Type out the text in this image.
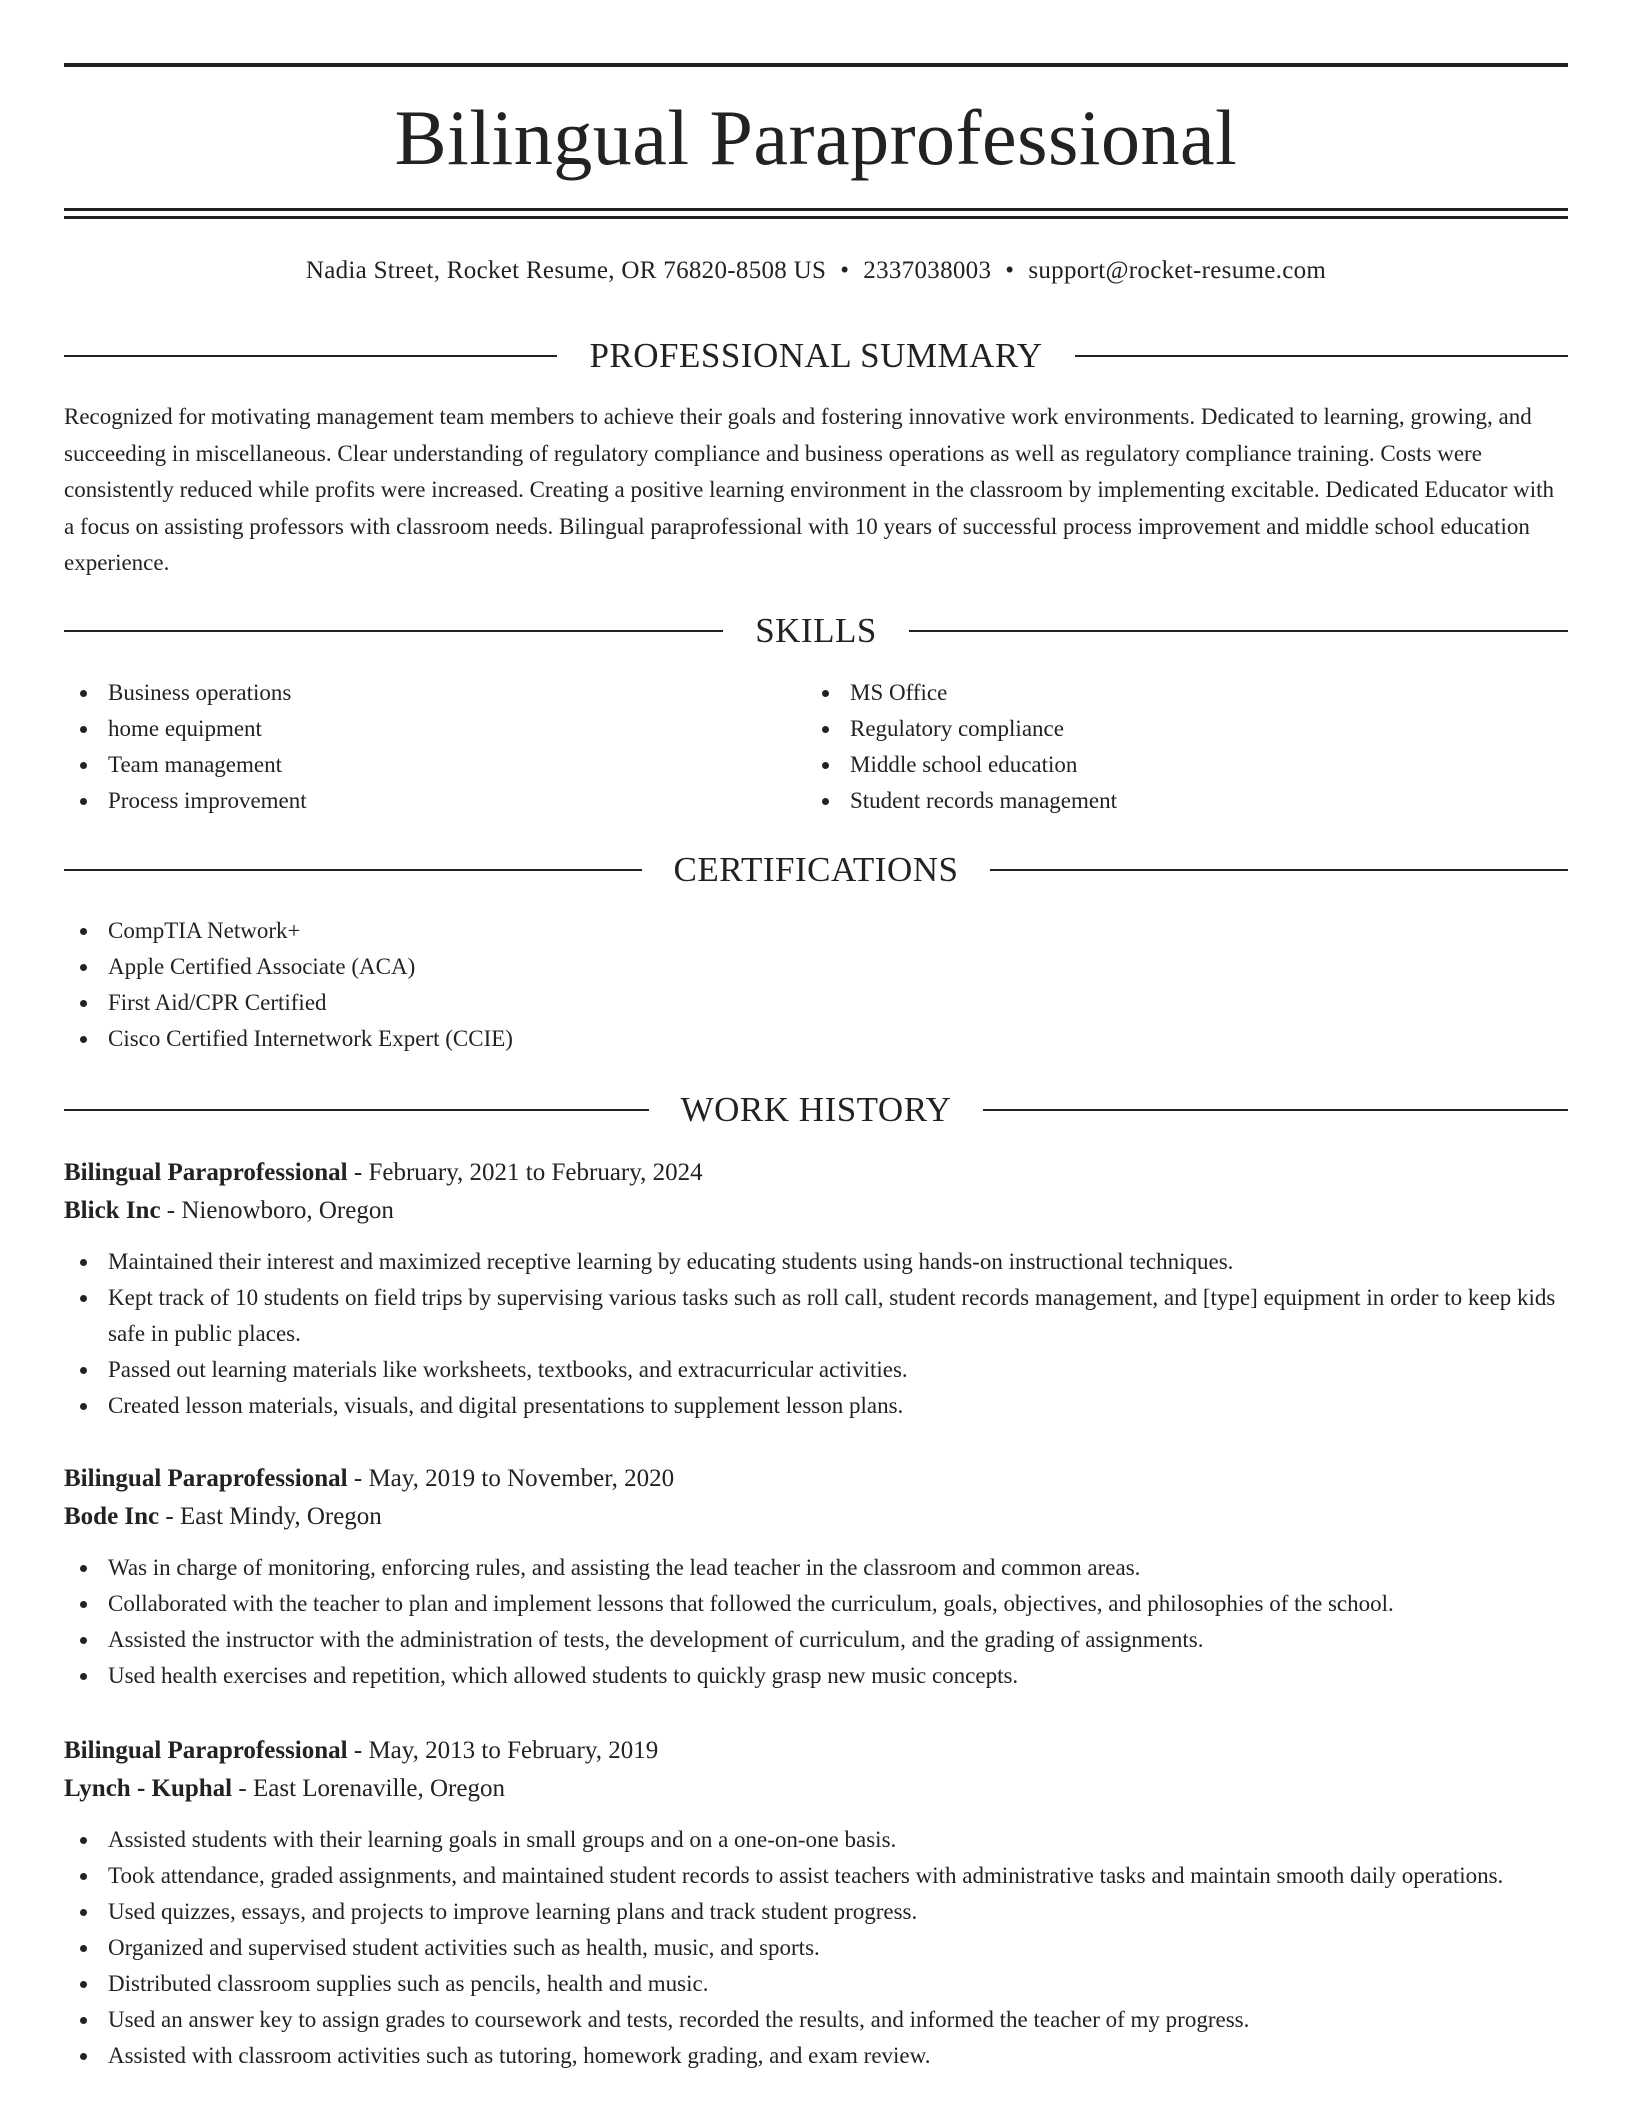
Bilingual Paraprofessional
Nadia Street, Rocket Resume, OR 76820-8508 US • 2337038003 • support@rocket-resume.com
PROFESSIONAL SUMMARY

Recognized for motivating management team members to achieve their goals and fostering innovative work environments. Dedicated to learning, growing, and succeeding in miscellaneous. Clear understanding of regulatory compliance and business operations as well as regulatory compliance training. Costs were consistently reduced while profits were increased. Creating a positive learning environment in the classroom by implementing excitable. Dedicated Educator with a focus on assisting professors with classroom needs. Bilingual paraprofessional with 10 years of successful process improvement and middle school education experience.

SKILLS
Business operations
home equipment
Team management
Process improvement
MS Office
Regulatory compliance
Middle school education
Student records management
CERTIFICATIONS
CompTIA Network+
Apple Certified Associate (ACA)
First Aid/CPR Certified
Cisco Certified Internetwork Expert (CCIE)
WORK HISTORY
Bilingual Paraprofessional - February, 2021 to February, 2024
Blick Inc - Nienowboro, Oregon
Maintained their interest and maximized receptive learning by educating students using hands-on instructional techniques.
Kept track of 10 students on field trips by supervising various tasks such as roll call, student records management, and [type] equipment in order to keep kids safe in public places.
Passed out learning materials like worksheets, textbooks, and extracurricular activities.
Created lesson materials, visuals, and digital presentations to supplement lesson plans.
Bilingual Paraprofessional - May, 2019 to November, 2020
Bode Inc - East Mindy, Oregon
Was in charge of monitoring, enforcing rules, and assisting the lead teacher in the classroom and common areas.
Collaborated with the teacher to plan and implement lessons that followed the curriculum, goals, objectives, and philosophies of the school.
Assisted the instructor with the administration of tests, the development of curriculum, and the grading of assignments.
Used health exercises and repetition, which allowed students to quickly grasp new music concepts.
Bilingual Paraprofessional - May, 2013 to February, 2019
Lynch - Kuphal - East Lorenaville, Oregon
Assisted students with their learning goals in small groups and on a one-on-one basis.
Took attendance, graded assignments, and maintained student records to assist teachers with administrative tasks and maintain smooth daily operations.
Used quizzes, essays, and projects to improve learning plans and track student progress.
Organized and supervised student activities such as health, music, and sports.
Distributed classroom supplies such as pencils, health and music.
Used an answer key to assign grades to coursework and tests, recorded the results, and informed the teacher of my progress.
Assisted with classroom activities such as tutoring, homework grading, and exam review.
